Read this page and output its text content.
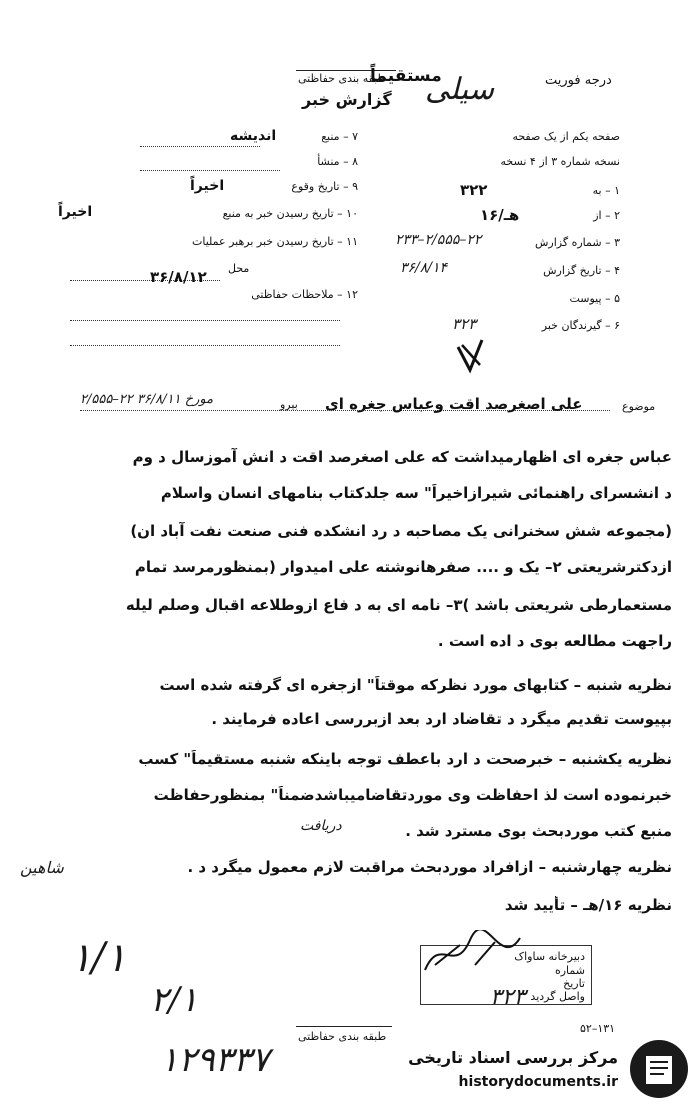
درجه فوریت
طبقه بندی حفاظتی
مستقیماً
گزارش خبر سیلی
۷ – منبع
اندیشه
۸ – منشأ
۹ – تاریخ وقوع
اخیراً
۱۰ – تاریخ رسیدن خبر به منبع
اخیراً
۱۱ – تاریخ رسیدن خبر برهبر عملیات
محل
۳۶/۸/۱۲
۱۲ – ملاحظات حفاظتی
صفحه یکم از یک صفحه
نسخه شماره ۳ از ۴ نسخه
۱ – به
۳۲۲
۲ – از
۱۶/هـ
۳ – شماره گزارش
۲۳۳–۲/۵۵۵–۲۲
۴ – تاریخ گزارش
۳۶/۸/۱۴
۵ – پیوست
۶ – گیرندگان خبر
۳۲۳
موضوع
علی اصغرصد اقت وعباس جغره ای
بیرو
۲/۵۵۵–۲۲ مورخ ۳۶/۸/۱۱
عباس جغره ای اظهارمیداشت که علی اصغرصد اقت د انش آموزسال د وم
د انشسرای راهنمائی شیرازاخیراً" سه جلدکتاب بنامهای انسان واسلام
(مجموعه شش سخنرانی یک مصاحبه د رد انشکده فنی صنعت نفت آباد ان)
ازدکترشریعتی ۲– یک و .... صفرهانوشته علی امیدوار (بمنظورمرسد تمام
مستعمارطی شریعتی باشد )۳– نامه ای به د فاع ازوطلاعه اقبال وصلم لیله
راجهت مطالعه بوی د اده است .
نظریه شنبه – کتابهای مورد نظرکه موقتاً" ازجغره ای گرفته شده است
بپیوست تقدیم میگرد د تقاضاد ارد بعد ازبررسی اعاده فرمایند .
نظریه یکشنبه – خبرصحت د ارد باعطف توجه باینکه شنبه مستقیماً" کسب
خبرنموده است لذ احفاظت وی موردتقاضامیباشدضمناً" بمنظورحفاظت
منبع کتب موردبحث بوی مسترد شد .
نظریه چهارشنبه – ازافراد موردبحث مراقبت لازم معمول میگرد د .
نظریه ۱۶/هـ – تأیید شد
دریافت
شاهین
۱/۱
۲/۱
۱۲۹۳۳۷
۳۲۳
دبیرخانه ساواک
شماره
تاریخ
واصل گردید
۵۲–۱۳۱
طبقه بندی حفاظتی
مرکز بررسی اسناد تاریخی
historydocuments.ir
